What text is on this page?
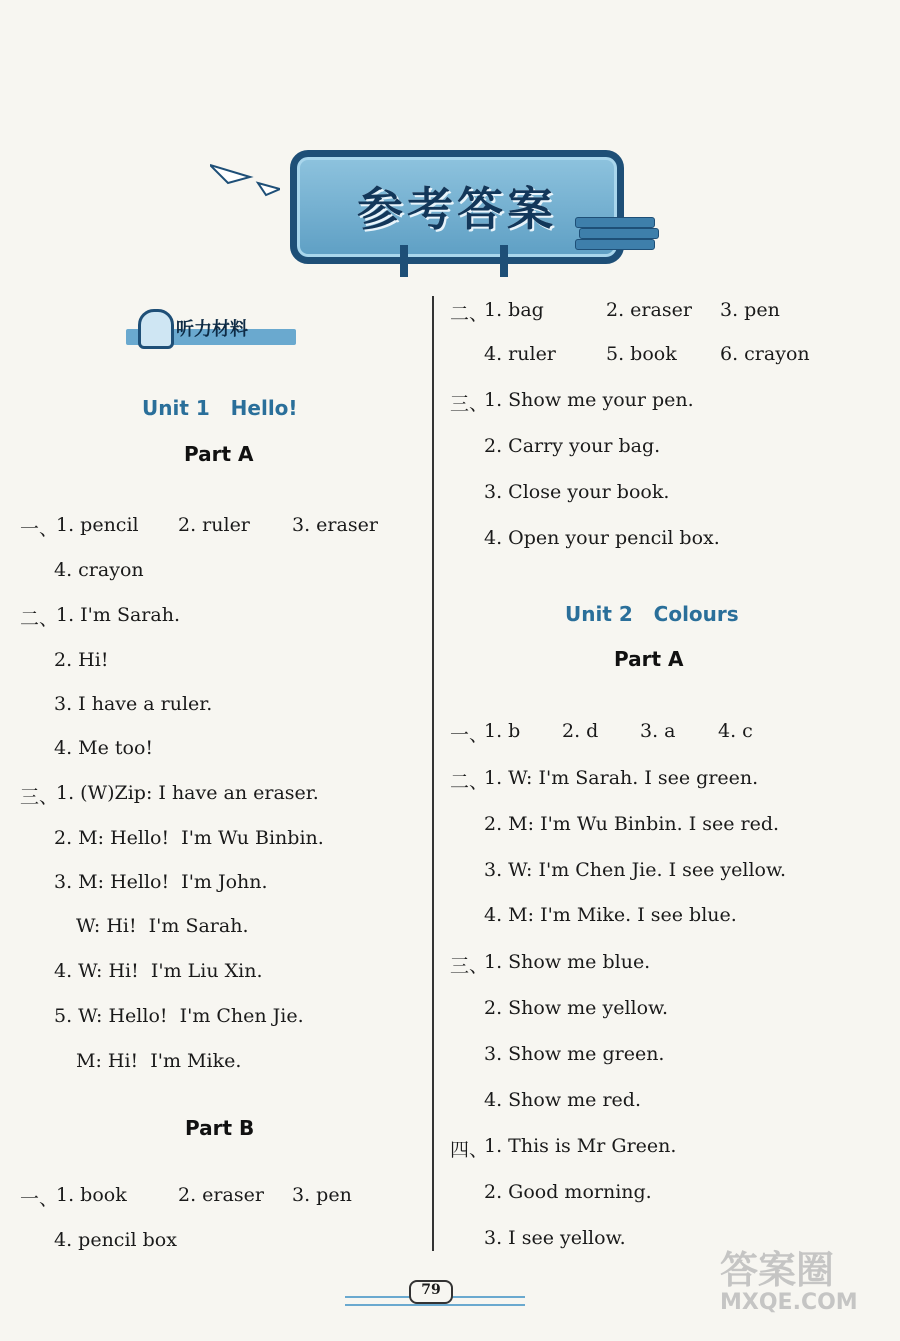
参考答案
听力材料
Unit 1   Hello!
Part A
一、
1. pencil 2. ruler 3. eraser
4. crayon
二、
1. I'm Sarah.
2. Hi!
3. I have a ruler.
4. Me too!
三、
1. (W)Zip: I have an eraser.
2. M: Hello!  I'm Wu Binbin.
3. M: Hello!  I'm John.
W: Hi!  I'm Sarah.
4. W: Hi!  I'm Liu Xin.
5. W: Hello!  I'm Chen Jie.
M: Hi!  I'm Mike.
Part B
一、
1. book	2. eraser 3. pen
4. pencil box
二、
1. bag	2. eraser 3. pen
4. ruler	5. book 6. crayon
三、
1. Show me your pen.
2. Carry your bag.
3. Close your book.
4. Open your pencil box.
Unit 2   Colours
Part A
一、
1. b 2. d 3. a 4. c
二、
1. W: I'm Sarah. I see green.
2. M: I'm Wu Binbin. I see red.
3. W: I'm Chen Jie. I see yellow.
4. M: I'm Mike. I see blue.
三、
1. Show me blue.
2. Show me yellow.
3. Show me green.
4. Show me red.
四、
1. This is Mr Green.
2. Good morning.
3. I see yellow.
79	答案圈
MXQE.COM
